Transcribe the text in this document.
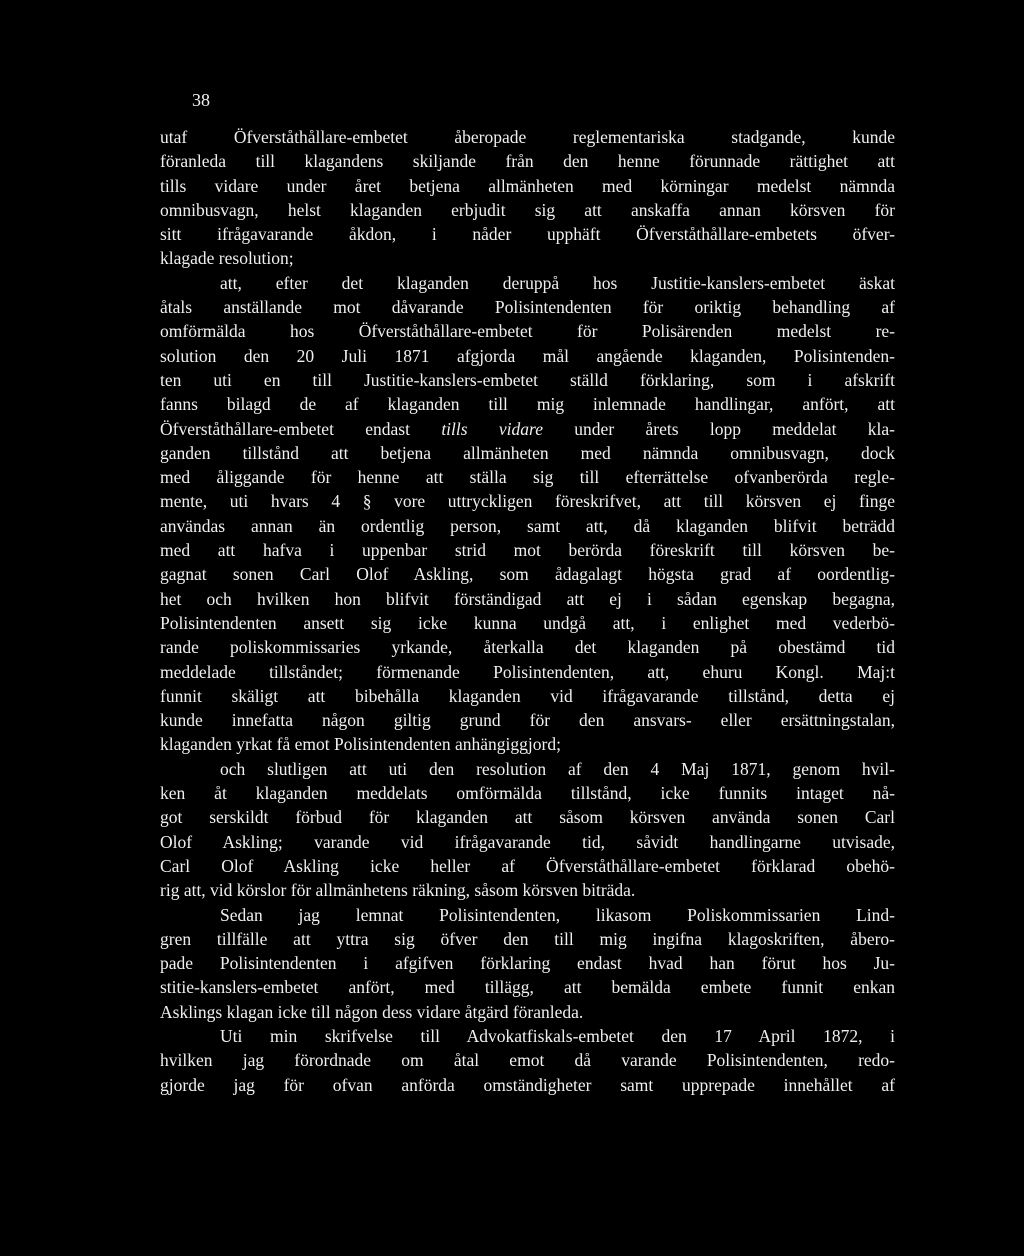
38
utaf Öfverståthållare-embetet åberopade reglementariska stadgande, kunde
föranleda till klagandens skiljande från den henne förunnade rättighet att
tills vidare under året betjena allmänheten med körningar medelst nämnda
omnibusvagn, helst klaganden erbjudit sig att anskaffa annan körsven för
sitt ifrågavarande åkdon, i nåder upphäft Öfverståthållare-embetets öfver-
klagade resolution;
att, efter det klaganden deruppå hos Justitie-kanslers-embetet äskat
åtals anställande mot dåvarande Polisintendenten för oriktig behandling af
omförmälda hos Öfverståthållare-embetet för Polisärenden medelst re-
solution den 20 Juli 1871 afgjorda mål angående klaganden, Polisintenden-
ten uti en till Justitie-kanslers-embetet ställd förklaring, som i afskrift
fanns bilagd de af klaganden till mig inlemnade handlingar, anfört, att
Öfverståthållare-embetet endast tills vidare under årets lopp meddelat kla-
ganden tillstånd att betjena allmänheten med nämnda omnibusvagn, dock
med åliggande för henne att ställa sig till efterrättelse ofvanberörda regle-
mente, uti hvars 4 § vore uttryckligen föreskrifvet, att till körsven ej finge
användas annan än ordentlig person, samt att, då klaganden blifvit beträdd
med att hafva i uppenbar strid mot berörda föreskrift till körsven be-
gagnat sonen Carl Olof Askling, som ådagalagt högsta grad af oordentlig-
het och hvilken hon blifvit förständigad att ej i sådan egenskap begagna,
Polisintendenten ansett sig icke kunna undgå att, i enlighet med vederbö-
rande poliskommissaries yrkande, återkalla det klaganden på obestämd tid
meddelade tillståndet; förmenande Polisintendenten, att, ehuru Kongl. Maj:t
funnit skäligt att bibehålla klaganden vid ifrågavarande tillstånd, detta ej
kunde innefatta någon giltig grund för den ansvars- eller ersättningstalan,
klaganden yrkat få emot Polisintendenten anhängiggjord;
och slutligen att uti den resolution af den 4 Maj 1871, genom hvil-
ken åt klaganden meddelats omförmälda tillstånd, icke funnits intaget nå-
got serskildt förbud för klaganden att såsom körsven använda sonen Carl
Olof Askling; varande vid ifrågavarande tid, såvidt handlingarne utvisade,
Carl Olof Askling icke heller af Öfverståthållare-embetet förklarad obehö-
rig att, vid körslor för allmänhetens räkning, såsom körsven biträda.
Sedan jag lemnat Polisintendenten, likasom Poliskommissarien Lind-
gren tillfälle att yttra sig öfver den till mig ingifna klagoskriften, åbero-
pade Polisintendenten i afgifven förklaring endast hvad han förut hos Ju-
stitie-kanslers-embetet anfört, med tillägg, att bemälda embete funnit enkan
Asklings klagan icke till någon dess vidare åtgärd föranleda.
Uti min skrifvelse till Advokatfiskals-embetet den 17 April 1872, i
hvilken jag förordnade om åtal emot då varande Polisintendenten, redo-
gjorde jag för ofvan anförda omständigheter samt upprepade innehållet af
